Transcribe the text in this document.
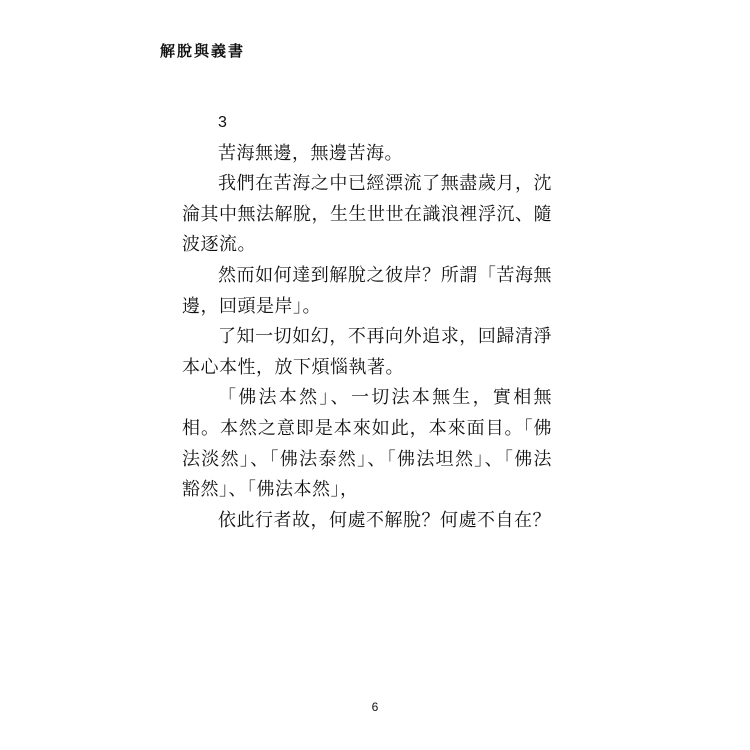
解脫與義書
3

苦海無邊，無邊苦海。

我們在苦海之中已經漂流了無盡歲月，沈淪其中無法解脫，生生世世在識浪裡浮沉、隨波逐流。

然而如何達到解脫之彼岸？所謂「苦海無邊，回頭是岸」。

了知一切如幻，不再向外追求，回歸清淨本心本性，放下煩惱執著。

「佛法本然」、一切法本無生，實相無相。本然之意即是本來如此，本來面目。「佛法淡然」、「佛法泰然」、「佛法坦然」、「佛法豁然」、「佛法本然」，

依此行者故，何處不解脫？何處不自在？

6
